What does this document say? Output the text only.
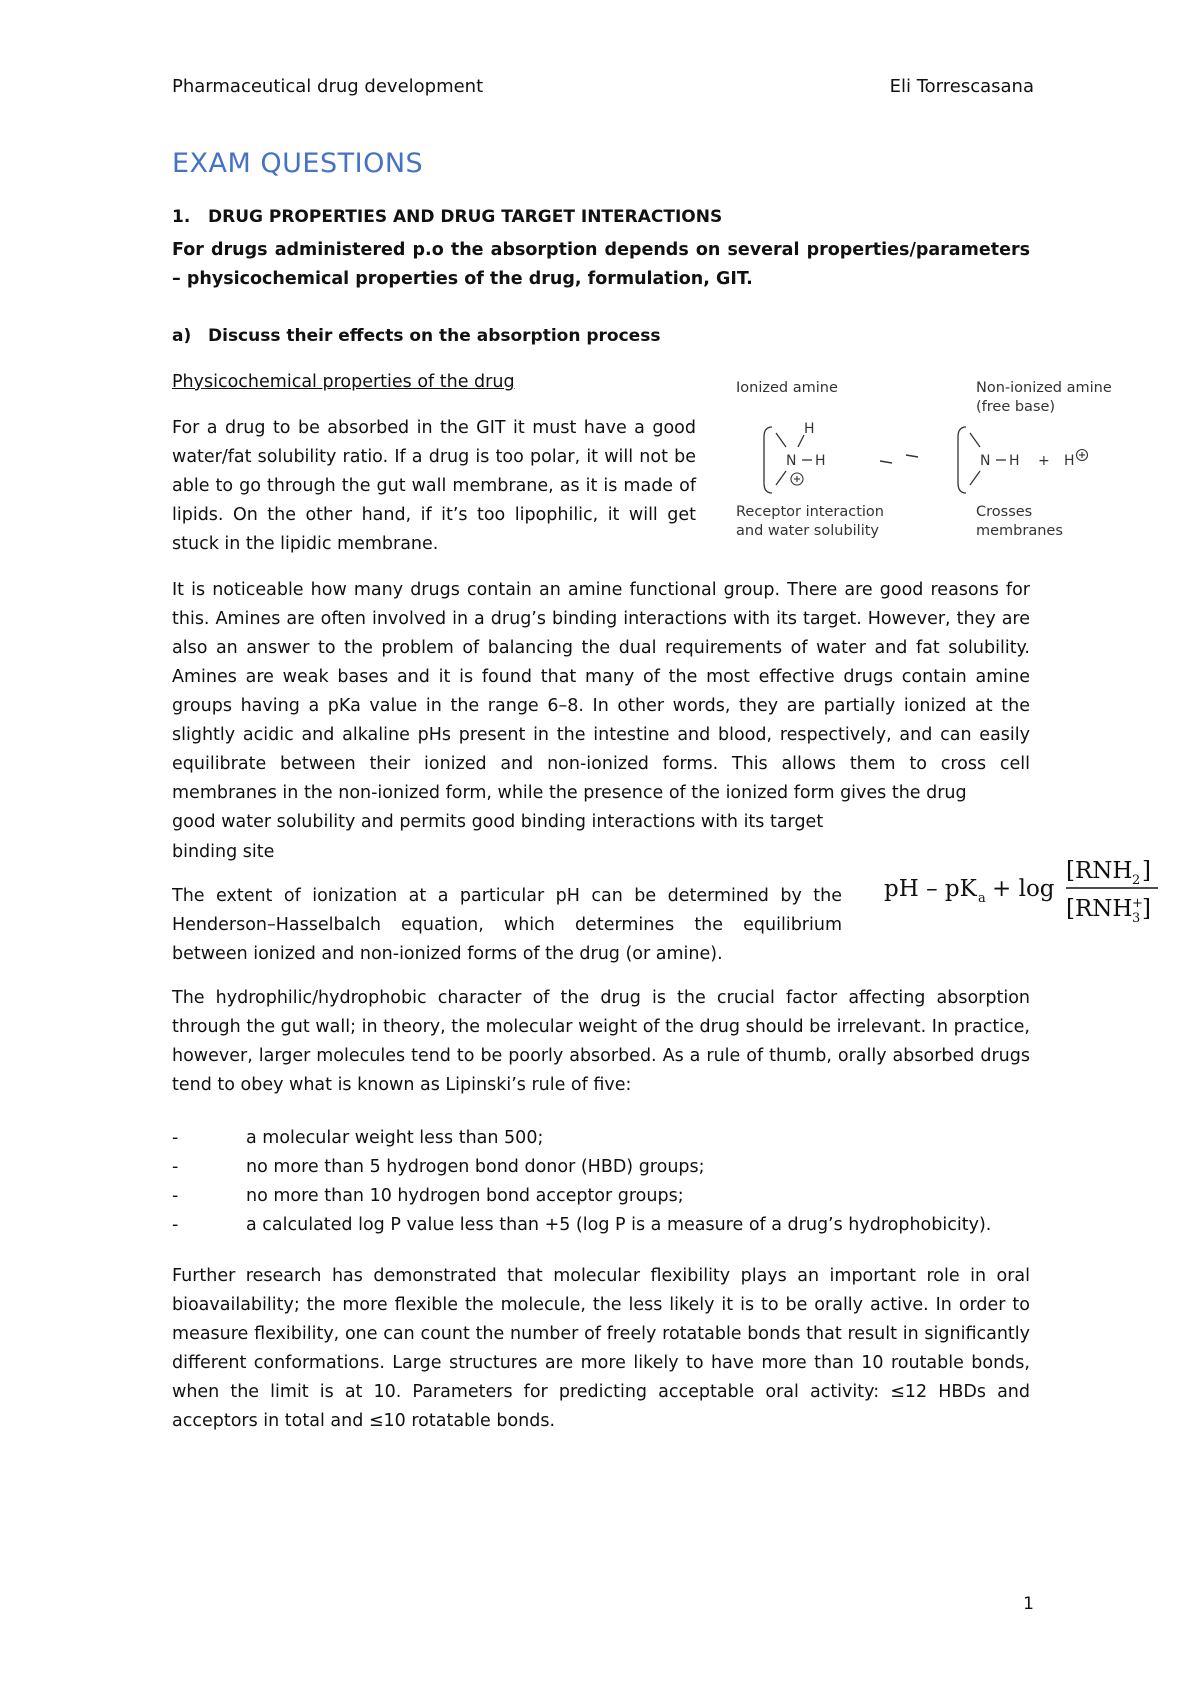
Pharmaceutical drug development	Eli Torrescasana
EXAM QUESTIONS
1. DRUG PROPERTIES AND DRUG TARGET INTERACTIONS
For drugs administered p.o the absorption depends on several properties/parameters – physicochemical properties of the drug, formulation, GIT.
a) Discuss their effects on the absorption process
Physicochemical properties of the drug
For a drug to be absorbed in the GIT it must have a good water/fat solubility ratio. If a drug is too polar, it will not be able to go through the gut wall membrane, as it is made of lipids. On the other hand, if it’s too lipophilic, it will get stuck in the lipidic membrane.
Ionized amine	Non-ionized amine
(free base)
H
N H	N H + H
Receptor interaction
and water solubility
Crosses
membranes
It is noticeable how many drugs contain an amine functional group. There are good reasons for this. Amines are often involved in a drug’s binding interactions with its target. However, they are also an answer to the problem of balancing the dual requirements of water and fat solubility. Amines are weak bases and it is found that many of the most effective drugs contain amine groups having a pKa value in the range 6–8. In other words, they are partially ionized at the slightly acidic and alkaline pHs present in the intestine and blood, respectively, and can easily equilibrate between their ionized and non-ionized forms. This allows them to cross cell membranes in the non-ionized form, while the presence of the ionized form gives the drug
good water solubility and permits good binding interactions with its target
binding site
The extent of ionization at a particular pH can be determined by the Henderson–Hasselbalch equation, which determines the equilibrium between ionized and non-ionized forms of the drug (or amine).
pH – pK a + log
[RNH 2 ]
[RNH +
3 ]
The hydrophilic/hydrophobic character of the drug is the crucial factor affecting absorption through the gut wall; in theory, the molecular weight of the drug should be irrelevant. In practice, however, larger molecules tend to be poorly absorbed. As a rule of thumb, orally absorbed drugs tend to obey what is known as Lipinski’s rule of five:
-	a molecular weight less than 500;
-	no more than 5 hydrogen bond donor (HBD) groups;
-	no more than 10 hydrogen bond acceptor groups;
-	a calculated log P value less than +5 (log P is a measure of a drug’s hydrophobicity).
Further research has demonstrated that molecular flexibility plays an important role in oral bioavailability; the more flexible the molecule, the less likely it is to be orally active. In order to measure flexibility, one can count the number of freely rotatable bonds that result in significantly different conformations. Large structures are more likely to have more than 10 routable bonds, when the limit is at 10. Parameters for predicting acceptable oral activity: ≤12 HBDs and acceptors in total and ≤10 rotatable bonds.
1
